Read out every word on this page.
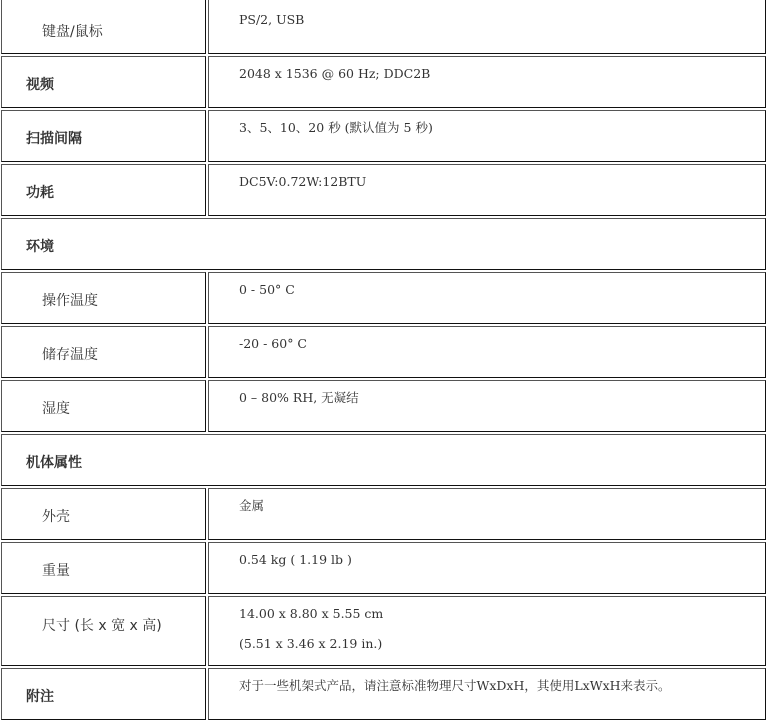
键盘/鼠标
PS/2, USB
视频
2048 x 1536 @ 60 Hz; DDC2B
扫描间隔
3、5、10、20 秒 (默认值为 5 秒)
功耗
DC5V:0.72W:12BTU
环境
操作温度
0 - 50° C
储存温度
-20 - 60° C
湿度
0 – 80% RH, 无凝结
机体属性
外壳
金属
重量
0.54 kg ( 1.19 lb )
尺寸 (长 x 宽 x 高)
14.00 x 8.80 x 5.55 cm
(5.51 x 3.46 x 2.19 in.)
附注
对于一些机架式产品，请注意标准物理尺寸WxDxH，其使用LxWxH来表示。
